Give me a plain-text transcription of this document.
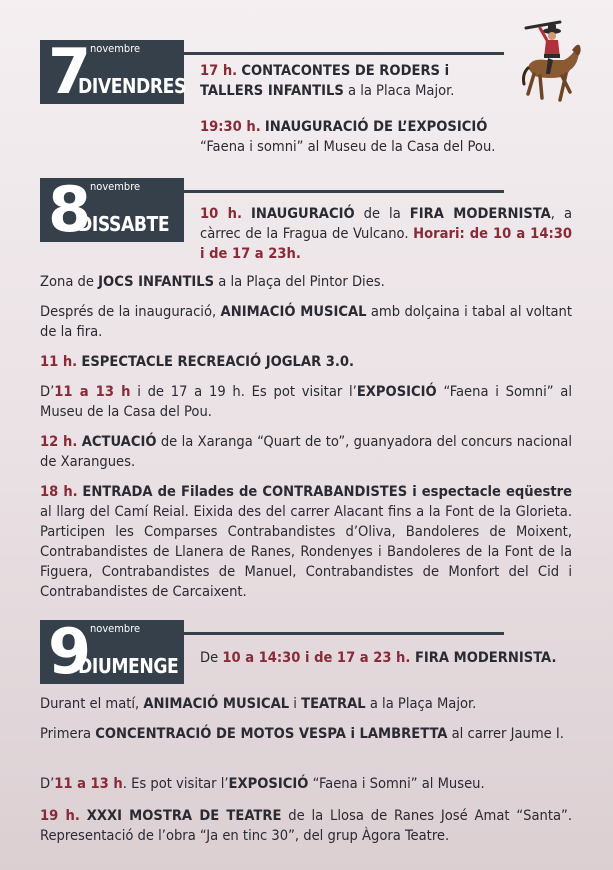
7
novembre
DIVENDRES

17 h. CONTACONTES DE RODERS i TALLERS INFANTILS a la Placa Major.

19:30 h. INAUGURACIÓ DE L’EXPOSICIÓ
“Faena i somni” al Museu de la Casa del Pou.

8
novembre
DISSABTE 10 h. INAUGURACIÓ de la FIRA MODERNISTA, a càrrec de la Fragua de Vulcano. Horari: de 10 a 14:30 i de 17 a 23h.

Zona de JOCS INFANTILS a la Plaça del Pintor Dies.

Després de la inauguració, ANIMACIÓ MUSICAL amb dolçaina i tabal al voltant de la fira.

11 h. ESPECTACLE RECREACIÓ JOGLAR 3.0.

D’11 a 13 h i de 17 a 19 h. Es pot visitar l’EXPOSICIÓ “Faena i Somni” al Museu de la Casa del Pou.

12 h. ACTUACIÓ de la Xaranga “Quart de to”, guanyadora del concurs nacional de Xarangues.

18 h. ENTRADA de Filades de CONTRABANDISTES i espectacle eqüestre al llarg del Camí Reial. Eixida des del carrer Alacant fins a la Font de la Glorieta. Participen les Comparses Contrabandistes d’Oliva, Bandoleres de Moixent, Contrabandistes de Llanera de Ranes, Rondenyes i Bandoleres de la Font de la Figuera, Contrabandistes de Manuel, Contrabandistes de Monfort del Cid i Contrabandistes de Carcaixent.

9
novembre
DIUMENGE De 10 a 14:30 i de 17 a 23 h. FIRA MODERNISTA.

Durant el matí, ANIMACIÓ MUSICAL i TEATRAL a la Plaça Major.

Primera CONCENTRACIÓ DE MOTOS VESPA i LAMBRETTA al carrer Jaume I.

D’11 a 13 h. Es pot visitar l’EXPOSICIÓ “Faena i Somni” al Museu.

19 h. XXXI MOSTRA DE TEATRE de la Llosa de Ranes José Amat “Santa”. Representació de l’obra “Ja en tinc 30”, del grup Àgora Teatre.
